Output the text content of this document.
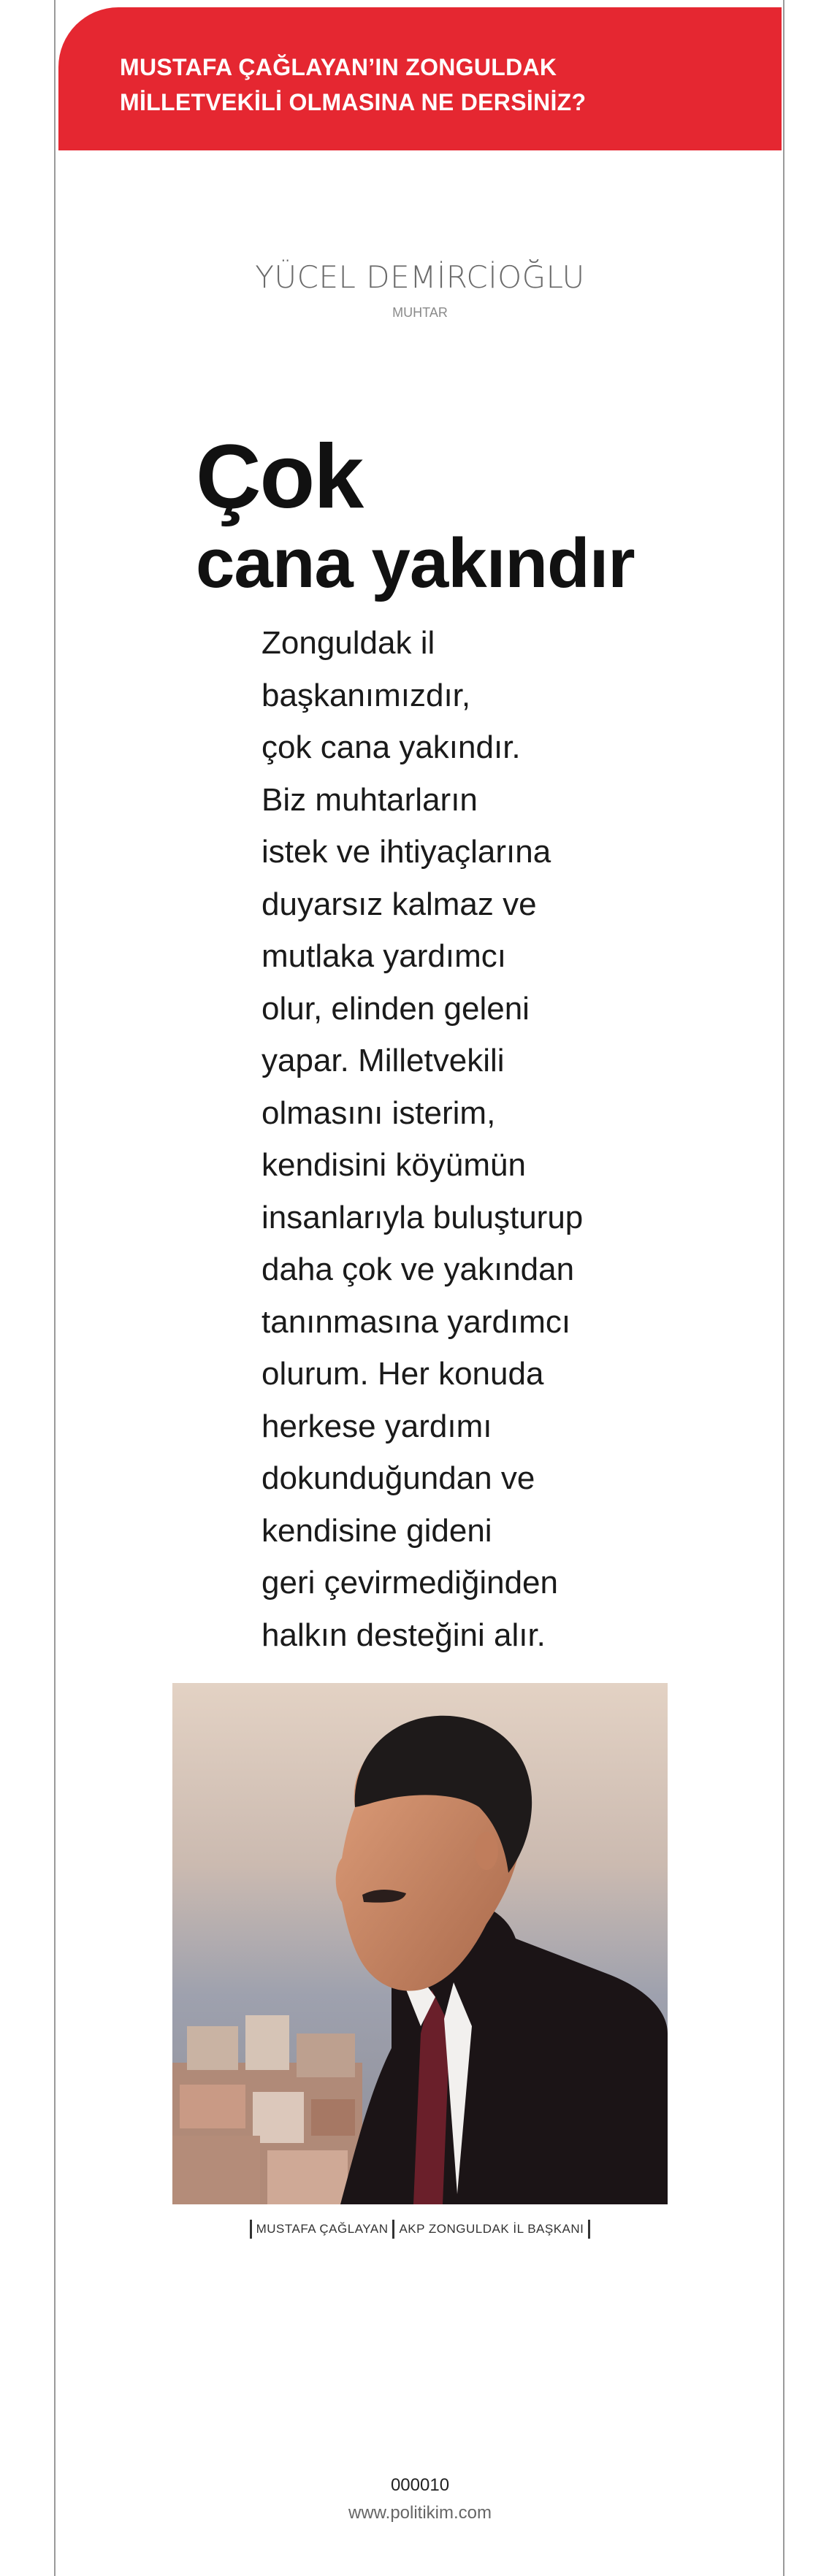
MUSTAFA ÇAĞLAYAN’IN ZONGULDAK
MİLLETVEKİLİ OLMASINA NE DERSİNİZ?
YÜCEL DEMİRCİOĞLU
MUHTAR
Çok
cana yakındır
Zonguldak il
başkanımızdır,
çok cana yakındır.
Biz muhtarların
istek ve ihtiyaçlarına
duyarsız kalmaz ve
mutlaka yardımcı
olur, elinden geleni
yapar. Milletvekili
olmasını isterim,
kendisini köyümün
insanlarıyla buluşturup
daha çok ve yakından
tanınmasına yardımcı
olurum. Her konuda
herkese yardımı
dokunduğundan ve
kendisine gideni
geri çevirmediğinden
halkın desteğini alır.
MUSTAFA ÇAĞLAYAN AKP ZONGULDAK İL BAŞKANI
000010
www.politikim.com
